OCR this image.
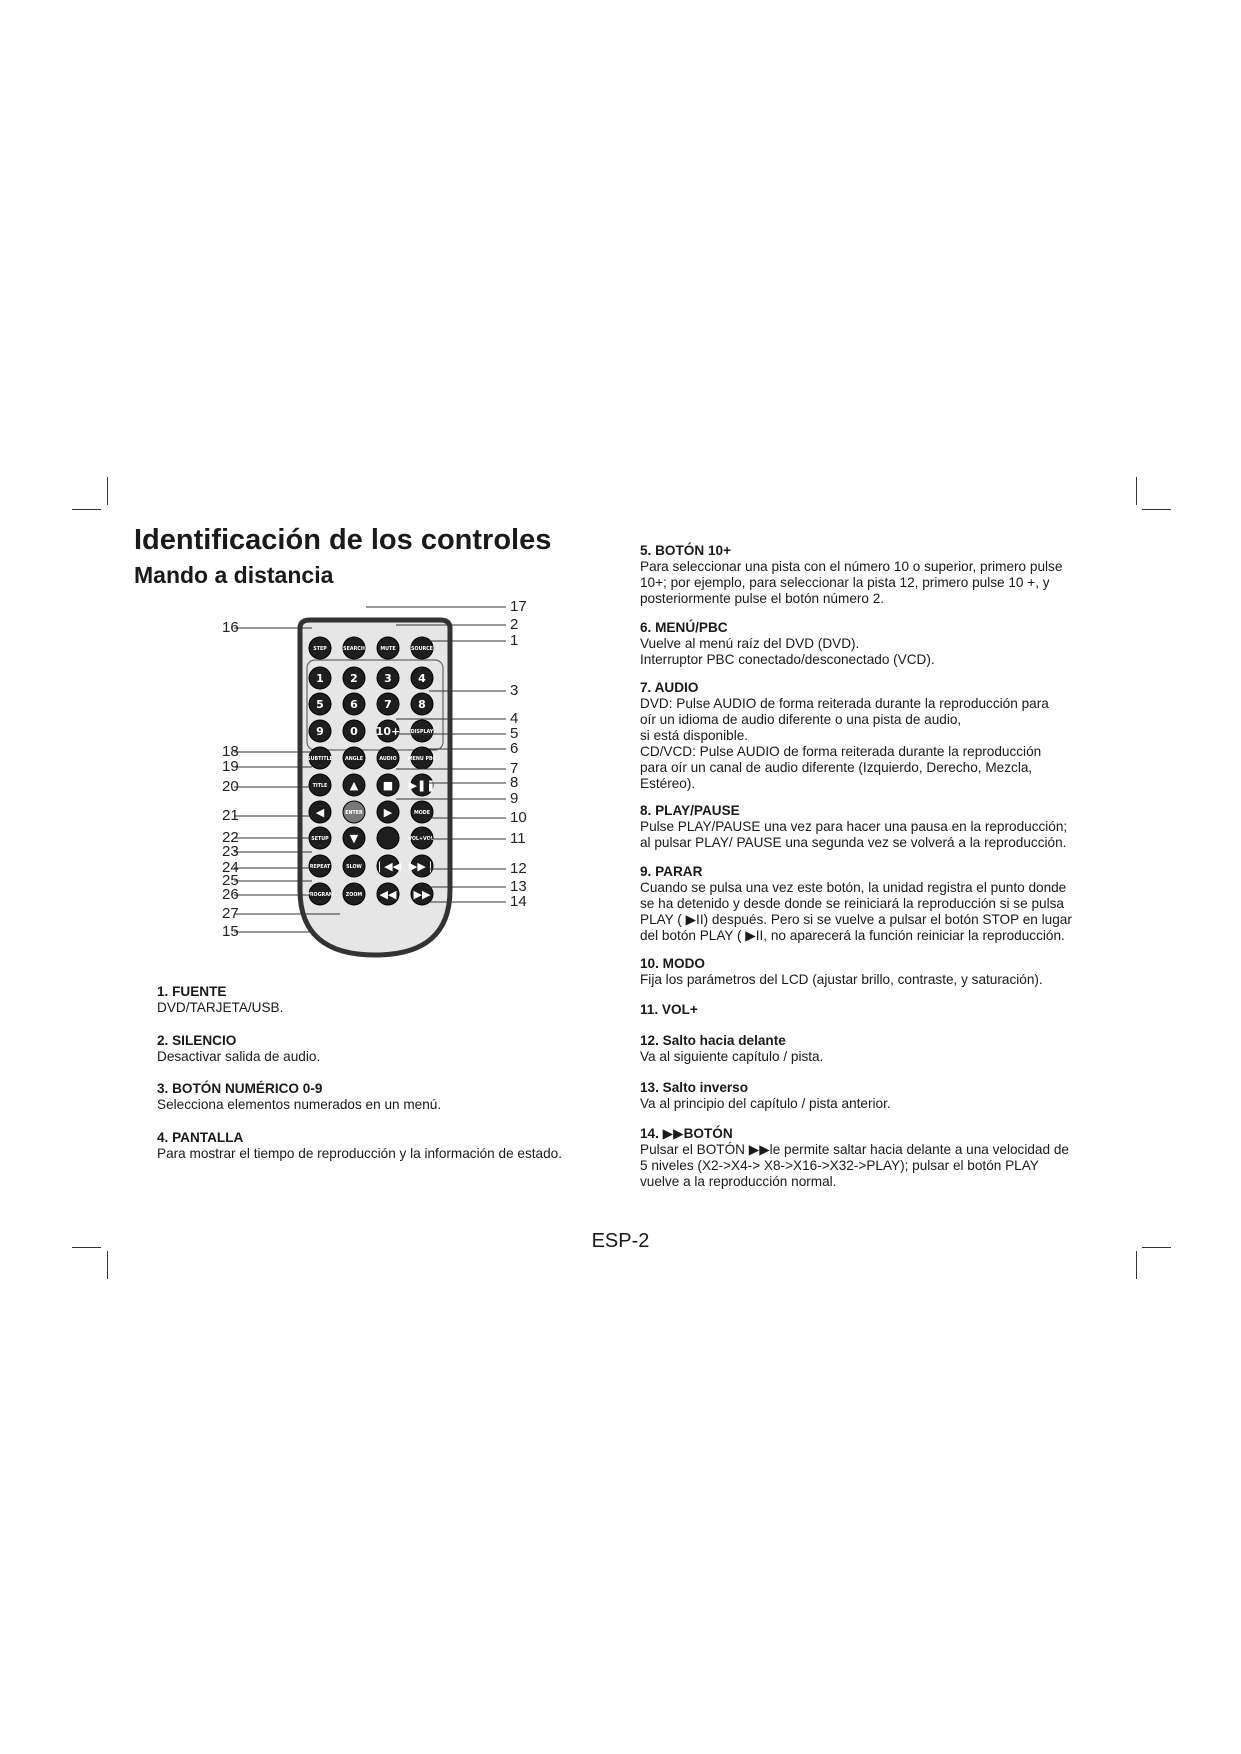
Identificación de los controles
Mando a distancia
STEP	SEARCH	MUTE	SOURCE
1 2 3 4
5 6 7 8
9 0 10+ DISPLAY
SUBTITLE	ANGLE	AUDIO MENU PBC
TITLE ▲ ■ ▶❚❚
◀	ENTER ▶	MODE
SETUP ▼	VOL+VOL-
REPEAT	SLOW ❘◀◀ ▶▶❘
PROGRAM	ZOOM ◀◀ ▶▶
16
18
19
20
21
22
23
24
25
26
27
15
17
2
1
3
4
5
6
7
8
9
10
11
12
13
14

1. FUENTE

DVD/TARJETA/USB.

2. SILENCIO

Desactivar salida de audio.

3. BOTÓN NUMÉRICO 0-9

Selecciona elementos numerados en un menú.

4. PANTALLA

Para mostrar el tiempo de reproducción y la información de estado.

5. BOTÓN 10+

Para seleccionar una pista con el número 10 o superior, primero pulse
10+; por ejemplo, para seleccionar la pista 12, primero pulse 10 +, y
posteriormente pulse el botón número 2.

6. MENÚ/PBC

Vuelve al menú raíz del DVD (DVD).
Interruptor PBC conectado/desconectado (VCD).

7. AUDIO

DVD: Pulse AUDIO de forma reiterada durante la reproducción para
oír un idioma de audio diferente o una pista de audio,
si está disponible.
CD/VCD: Pulse AUDIO de forma reiterada durante la reproducción
para oír un canal de audio diferente (Izquierdo, Derecho, Mezcla,
Estéreo).

8. PLAY/PAUSE

Pulse PLAY/PAUSE una vez para hacer una pausa en la reproducción;
al pulsar PLAY/ PAUSE una segunda vez se volverá a la reproducción.

9. PARAR

Cuando se pulsa una vez este botón, la unidad registra el punto donde
se ha detenido y desde donde se reiniciará la reproducción si se pulsa
PLAY ( ▶II) después. Pero si se vuelve a pulsar el botón STOP en lugar
del botón PLAY ( ▶II, no aparecerá la función reiniciar la reproducción.

10. MODO

Fija los parámetros del LCD (ajustar brillo, contraste, y saturación).

11. VOL+

12. Salto hacia delante

Va al siguiente capítulo / pista.

13. Salto inverso

Va al principio del capítulo / pista anterior.

14. ▶▶BOTÓN

Pulsar el BOTÓN ▶▶le permite saltar hacia delante a una velocidad de
5 niveles (X2->X4-> X8->X16->X32->PLAY); pulsar el botón PLAY
vuelve a la reproducción normal.

ESP-2
